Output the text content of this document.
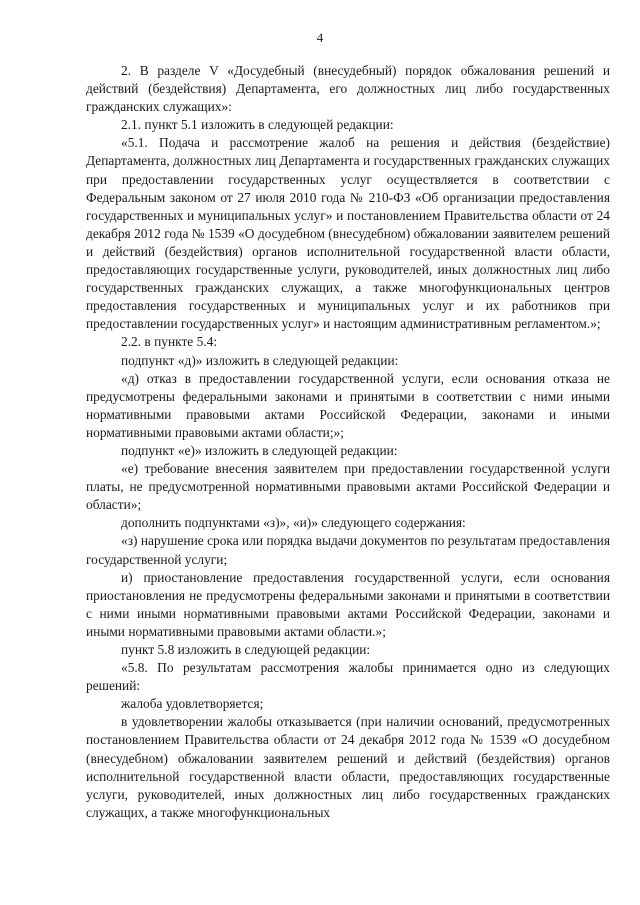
4

2. В разделе V «Досудебный (внесудебный) порядок обжалования решений и действий (бездействия) Департамента, его должностных лиц либо государственных гражданских служащих»:

2.1. пункт 5.1 изложить в следующей редакции:

«5.1. Подача и рассмотрение жалоб на решения и действия (бездействие) Департамента, должностных лиц Департамента и государственных гражданских служащих при предоставлении государственных услуг осуществляется в соответствии с Федеральным законом от 27 июля 2010 года № 210-ФЗ «Об организации предоставления государственных и муниципальных услуг» и постановлением Правительства области от 24 декабря 2012 года № 1539 «О досудебном (внесудебном) обжаловании заявителем решений и действий (бездействия) органов исполнительной государственной власти области, предоставляющих государственные услуги, руководителей, иных должностных лиц либо государственных гражданских служащих, а также многофункциональных центров предоставления государственных и муниципальных услуг и их работников при предоставлении государственных услуг» и настоящим административным регламентом.»;

2.2. в пункте 5.4:

подпункт «д)» изложить в следующей редакции:

«д) отказ в предоставлении государственной услуги, если основания отказа не предусмотрены федеральными законами и принятыми в соответствии с ними иными нормативными правовыми актами Российской Федерации, законами и иными нормативными правовыми актами области;»;

подпункт «е)» изложить в следующей редакции:

«е) требование внесения заявителем при предоставлении государственной услуги платы, не предусмотренной нормативными правовыми актами Российской Федерации и области»;

дополнить подпунктами «з)», «и)» следующего содержания:

«з) нарушение срока или порядка выдачи документов по результатам предоставления государственной услуги;

и) приостановление предоставления государственной услуги, если основания приостановления не предусмотрены федеральными законами и принятыми в соответствии с ними иными нормативными правовыми актами Российской Федерации, законами и иными нормативными правовыми актами области.»;

пункт 5.8 изложить в следующей редакции:

«5.8. По результатам рассмотрения жалобы принимается одно из следующих решений:

жалоба удовлетворяется;

в удовлетворении жалобы отказывается (при наличии оснований, предусмотренных постановлением Правительства области от 24 декабря 2012 года № 1539 «О досудебном (внесудебном) обжаловании заявителем решений и действий (бездействия) органов исполнительной государственной власти области, предоставляющих государственные услуги, руководителей, иных должностных лиц либо государственных гражданских служащих, а также многофункциональных
